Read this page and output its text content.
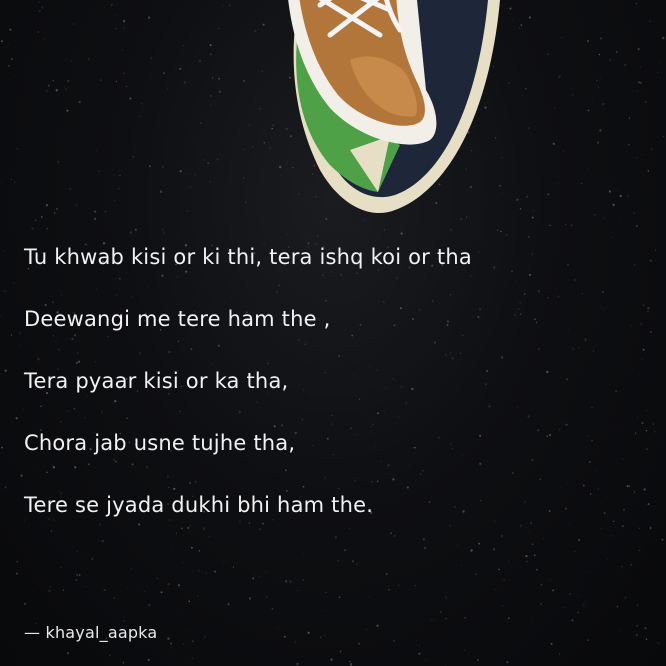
Tu khwab kisi or ki thi, tera ishq koi or tha

Deewangi me tere ham the ,

Tera pyaar kisi or ka tha,

Chora jab usne tujhe tha,

Tere se jyada dukhi bhi ham the.

— khayal_aapka
